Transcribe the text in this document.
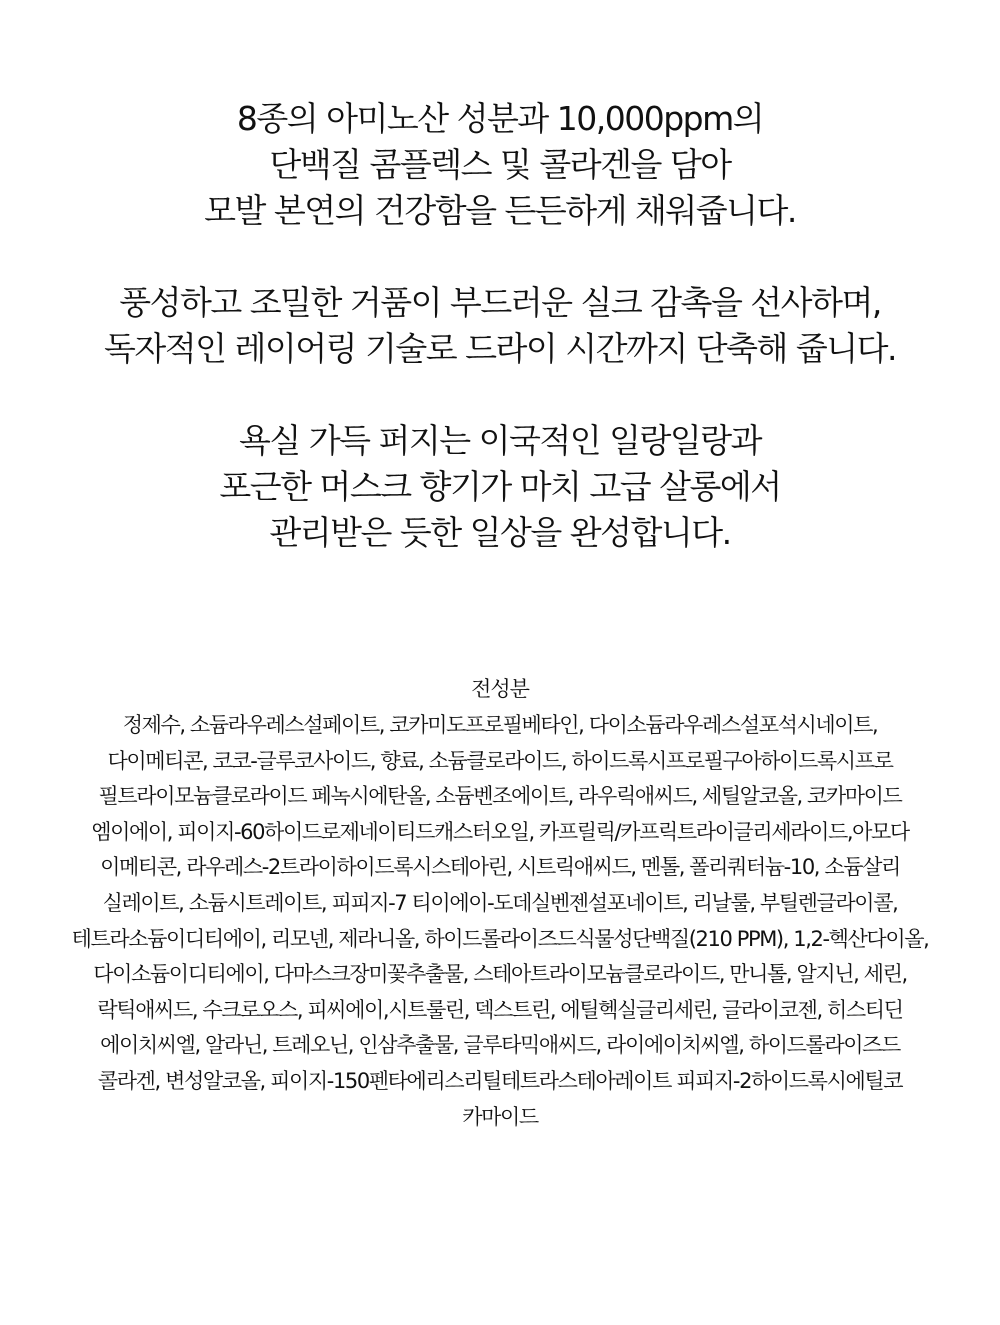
8종의 아미노산 성분과 10,000ppm의
단백질 콤플렉스 및 콜라겐을 담아
모발 본연의 건강함을 든든하게 채워줍니다.
풍성하고 조밀한 거품이 부드러운 실크 감촉을 선사하며,
독자적인 레이어링 기술로 드라이 시간까지 단축해 줍니다.
욕실 가득 퍼지는 이국적인 일랑일랑과
포근한 머스크 향기가 마치 고급 살롱에서
관리받은 듯한 일상을 완성합니다.
전성분
정제수, 소듐라우레스설페이트, 코카미도프로필베타인, 다이소듐라우레스설포석시네이트,
다이메티콘, 코코-글루코사이드, 향료, 소듐클로라이드, 하이드록시프로필구아하이드록시프로
필트라이모늄클로라이드 페녹시에탄올, 소듐벤조에이트, 라우릭애씨드, 세틸알코올, 코카마이드
엠이에이, 피이지-60하이드로제네이티드캐스터오일, 카프릴릭/카프릭트라이글리세라이드,아모다
이메티콘, 라우레스-2트라이하이드록시스테아린, 시트릭애씨드, 멘톨, 폴리쿼터늄-10, 소듐살리
실레이트, 소듐시트레이트, 피피지-7 티이에이-도데실벤젠설포네이트, 리날룰, 부틸렌글라이콜,
테트라소듐이디티에이, 리모넨, 제라니올, 하이드롤라이즈드식물성단백질(210 PPM), 1,2-헥산다이올,
다이소듐이디티에이, 다마스크장미꽃추출물, 스테아트라이모늄클로라이드, 만니톨, 알지닌, 세린,
락틱애씨드, 수크로오스, 피씨에이,시트룰린, 덱스트린, 에틸헥실글리세린, 글라이코젠, 히스티딘
에이치씨엘, 알라닌, 트레오닌, 인삼추출물, 글루타믹애씨드, 라이에이치씨엘, 하이드롤라이즈드
콜라겐, 변성알코올, 피이지-150펜타에리스리틸테트라스테아레이트 피피지-2하이드록시에틸코
카마이드
